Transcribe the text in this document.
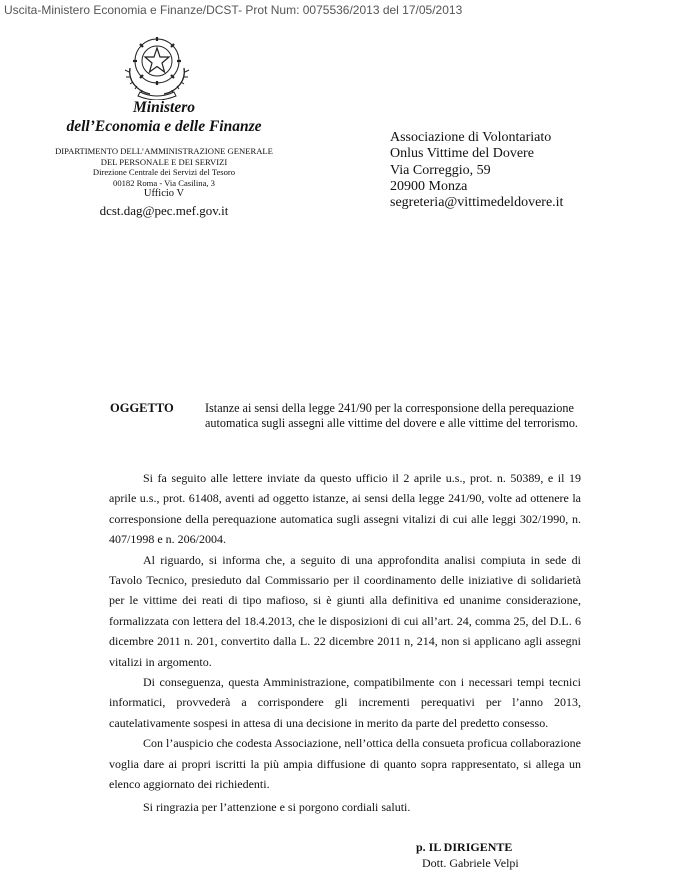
Uscita-Ministero Economia e Finanze/DCST- Prot Num: 0075536/2013 del 17/05/2013
Ministero
dell’Economia e delle Finanze
DIPARTIMENTO DELL’AMMINISTRAZIONE GENERALE
DEL PERSONALE E DEI SERVIZI
Direzione Centrale dei Servizi del Tesoro
00182 Roma - Via Casilina, 3
Ufficio V
dcst.dag@pec.mef.gov.it
Associazione di Volontariato
Onlus Vittime del Dovere
Via Correggio, 59
20900 Monza
segreteria@vittimedeldovere.it
OGGETTO	Istanze ai sensi della legge 241/90 per la corresponsione della perequazione automatica sugli assegni alle vittime del dovere e alle vittime del terrorismo.

Si fa seguito alle lettere inviate da questo ufficio il 2 aprile u.s., prot. n. 50389, e il 19 aprile u.s., prot. 61408, aventi ad oggetto istanze, ai sensi della legge 241/90, volte ad ottenere la corresponsione della perequazione automatica sugli assegni vitalizi di cui alle leggi 302/1990, n. 407/1998 e n. 206/2004.

Al riguardo, si informa che, a seguito di una approfondita analisi compiuta in sede di Tavolo Tecnico, presieduto dal Commissario per il coordinamento delle iniziative di solidarietà per le vittime dei reati di tipo mafioso, si è giunti alla definitiva ed unanime considerazione, formalizzata con lettera del 18.4.2013, che le disposizioni di cui all’art. 24, comma 25, del D.L. 6 dicembre 2011 n. 201, convertito dalla L. 22 dicembre 2011 n, 214, non si applicano agli assegni vitalizi in argomento.

Di conseguenza, questa Amministrazione, compatibilmente con i necessari tempi tecnici informatici, provvederà a corrispondere gli incrementi perequativi per l’anno 2013, cautelativamente sospesi in attesa di una decisione in merito da parte del predetto consesso.

Con l’auspicio che codesta Associazione, nell’ottica della consueta proficua collaborazione voglia dare ai propri iscritti la più ampia diffusione di quanto sopra rappresentato, si allega un elenco aggiornato dei richiedenti.

Si ringrazia per l’attenzione e si porgono cordiali saluti.

p. IL DIRIGENTE
Dott. Gabriele Velpi
